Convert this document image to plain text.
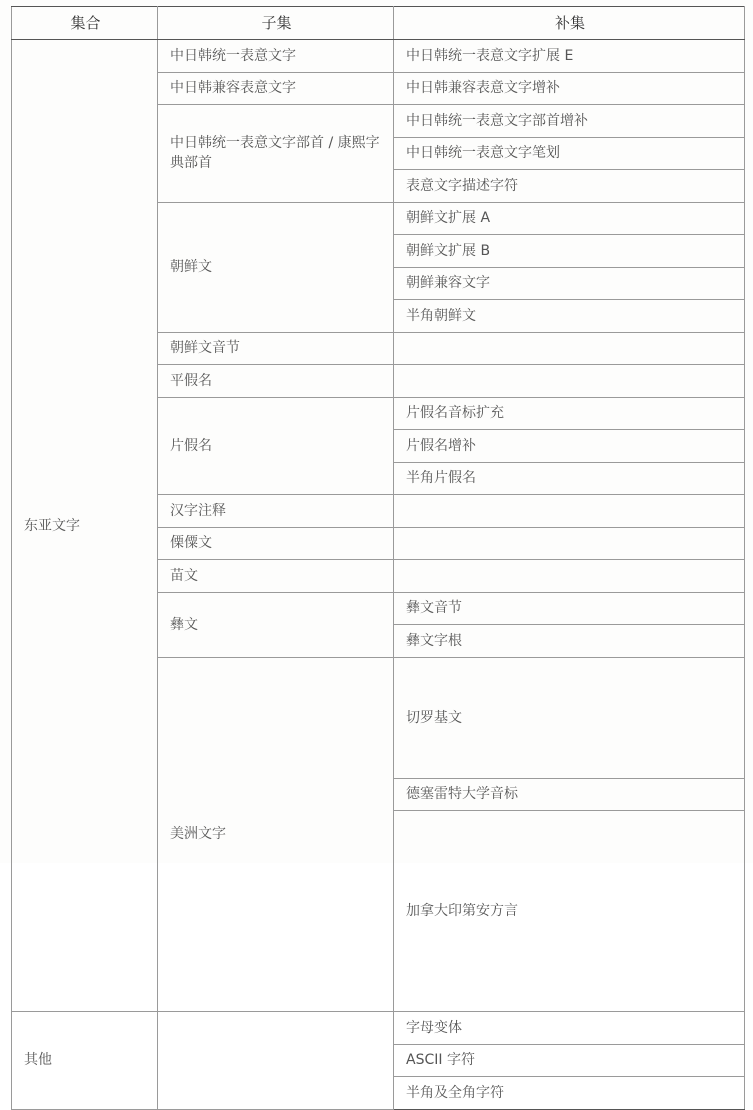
集合	子集	补集	
东亚文字	中日韩统一表意文字	中日韩统一表意文字扩展 E	
	中日韩兼容表意文字	中日韩兼容表意文字增补	
	中日韩统一表意文字部首 / 康熙字典部首	中日韩统一表意文字部首增补	
		中日韩统一表意文字笔划	
		表意文字描述字符	
	朝鲜文	朝鲜文扩展 A	
		朝鲜文扩展 B	
		朝鲜兼容文字	
		半角朝鲜文	
	朝鲜文音节		
	平假名		
	片假名	片假名音标扩充	
		片假名增补	
		半角片假名	
	汉字注释		
	傈僳文		
	苗文		
	彝文	彝文音节	
		彝文字根	
	美洲文字	切罗基文	
		德塞雷特大学音标	
		加拿大印第安方言	
其他		字母变体	
		ASCII 字符	
		半角及全角字符	
